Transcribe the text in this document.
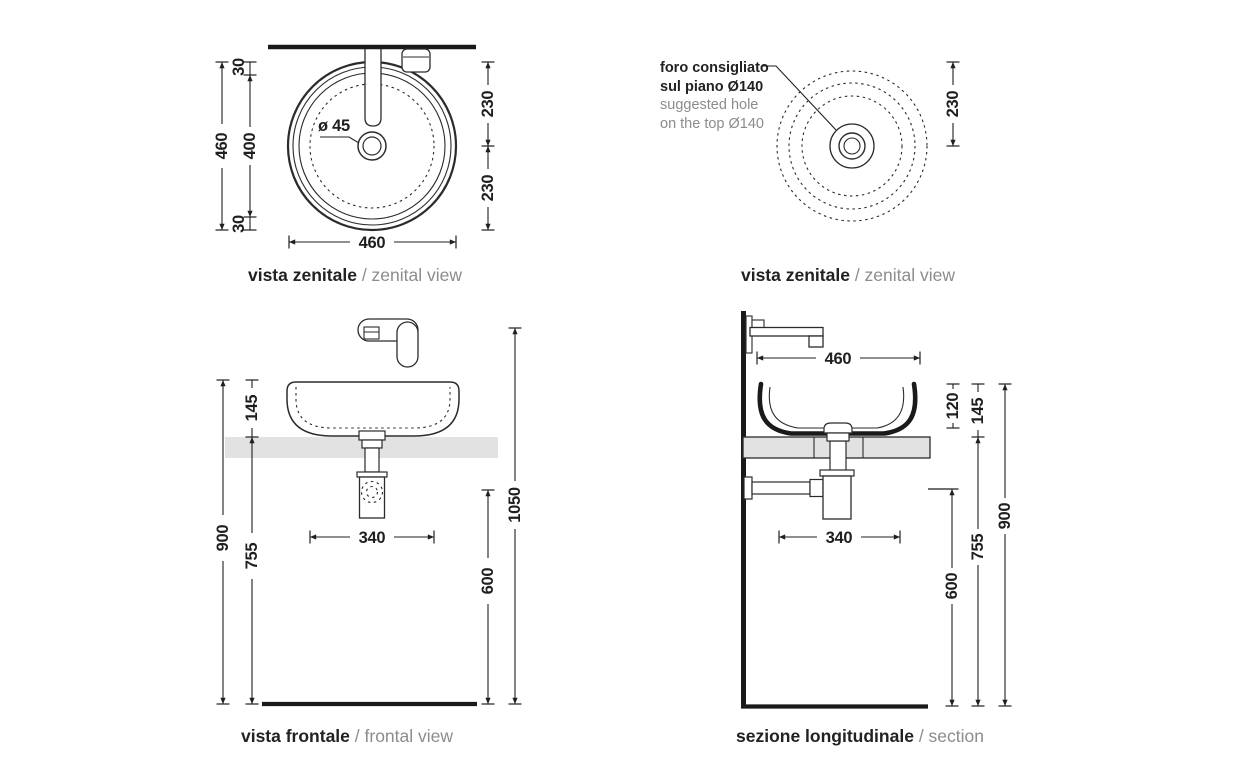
ø 45
460
30
400
30
230
230
460
230
145
900
755
340
600
1050
460
120 145
900
755
600
340
foro consigliato
sul piano Ø140
suggested hole
on the top Ø140
vista zenitale / zenital view	vista zenitale / zenital view
vista frontale / frontal view	sezione longitudinale / section
